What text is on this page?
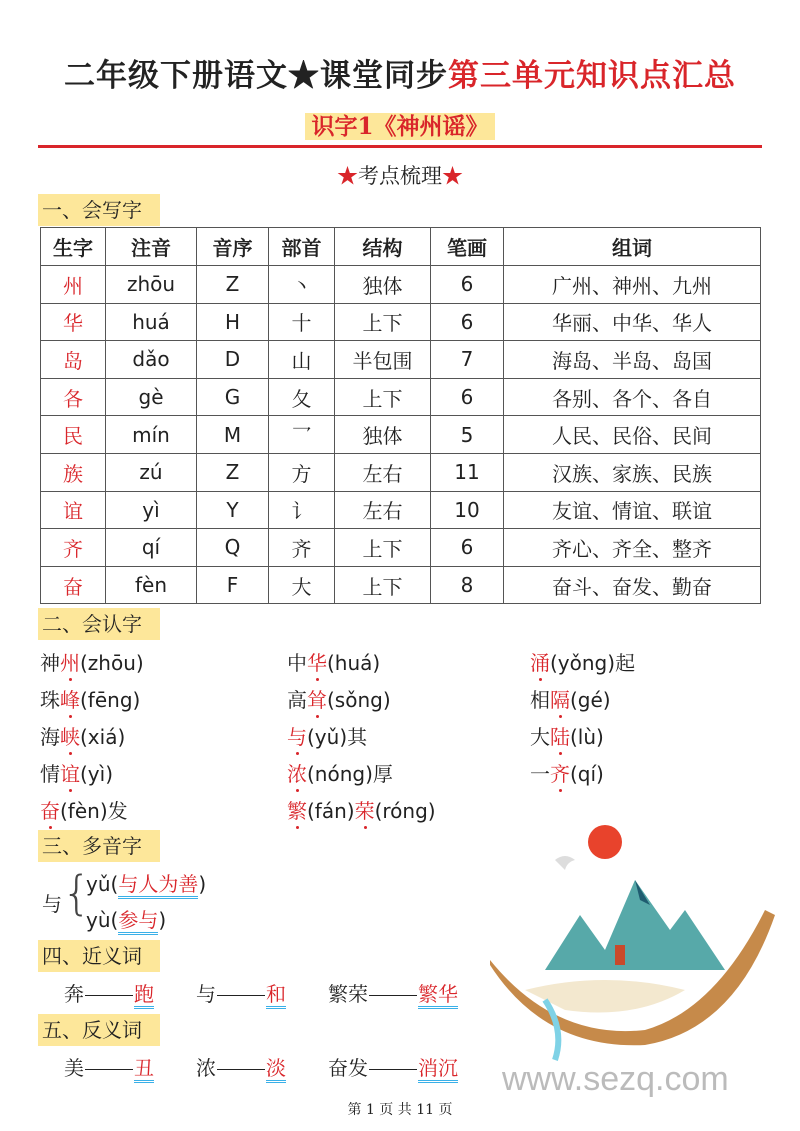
二年级下册语文★课堂同步第三单元知识点汇总
识字1《神州谣》
★考点梳理★
一、会写字
生字	注音	音序	部首	结构	笔画	组词
州	zhōu	Z	丶	独体	6	广州、神州、九州
华	huá	H	十	上下	6	华丽、中华、华人
岛	dǎo	D	山	半包围	7	海岛、半岛、岛国
各	gè	G	夂	上下	6	各别、各个、各自
民	mín	M	乛	独体	5	人民、民俗、民间
族	zú	Z	方	左右	11	汉族、家族、民族
谊	yì	Y	讠	左右	10	友谊、情谊、联谊
齐	qí	Q	齐	上下	6	齐心、齐全、整齐
奋	fèn	F	大	上下	8	奋斗、奋发、勤奋
二、会认字
神州(zhōu)	中华(huá)	涌(yǒng)起
珠峰(fēng)	高耸(sǒng)	相隔(gé)
海峡(xiá)	与(yǔ)其	大陆(lù)
情谊(yì)	浓(nóng)厚	一齐(qí)
奋(fèn)发	繁(fán)荣(róng)
三、多音字
与 {
yǔ(与人为善)
yù(参与)
四、近义词
奔	跑 与	和 繁荣	繁华
五、反义词
美	丑 浓	淡 奋发	消沉 www.sezq.com
第 1 页 共 11 页
